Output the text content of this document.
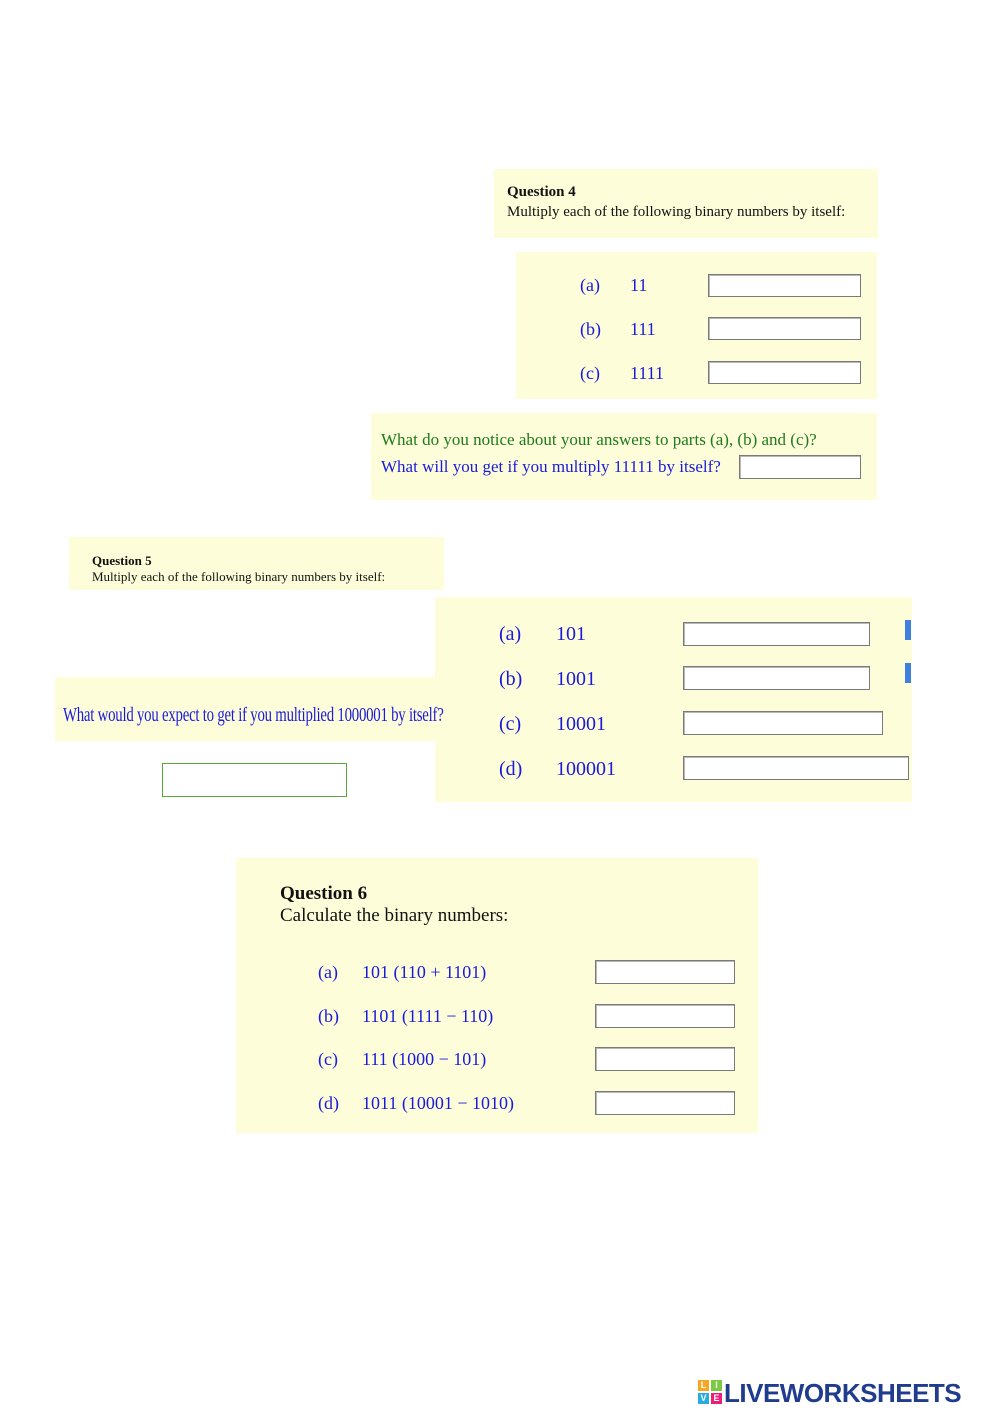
Question 4
Multiply each of the following binary numbers by itself:
(a) 11
(b) 111
(c) 1111
What do you notice about your answers to parts (a), (b) and (c)?
What will you get if you multiply 11111 by itself?
Question 5
Multiply each of the following binary numbers by itself:
(a) 101
(b) 1001
(c) 10001
(d) 100001
What would you expect to get if you multiplied 1000001 by itself?
Question 6
Calculate the binary numbers:
(a) 101 (110 + 1101)
(b) 1101 (1111 − 110)
(c) 111 (1000 − 101)
(d) 1011 (10001 − 1010)
L I
V E LIVEWORKSHEETS
